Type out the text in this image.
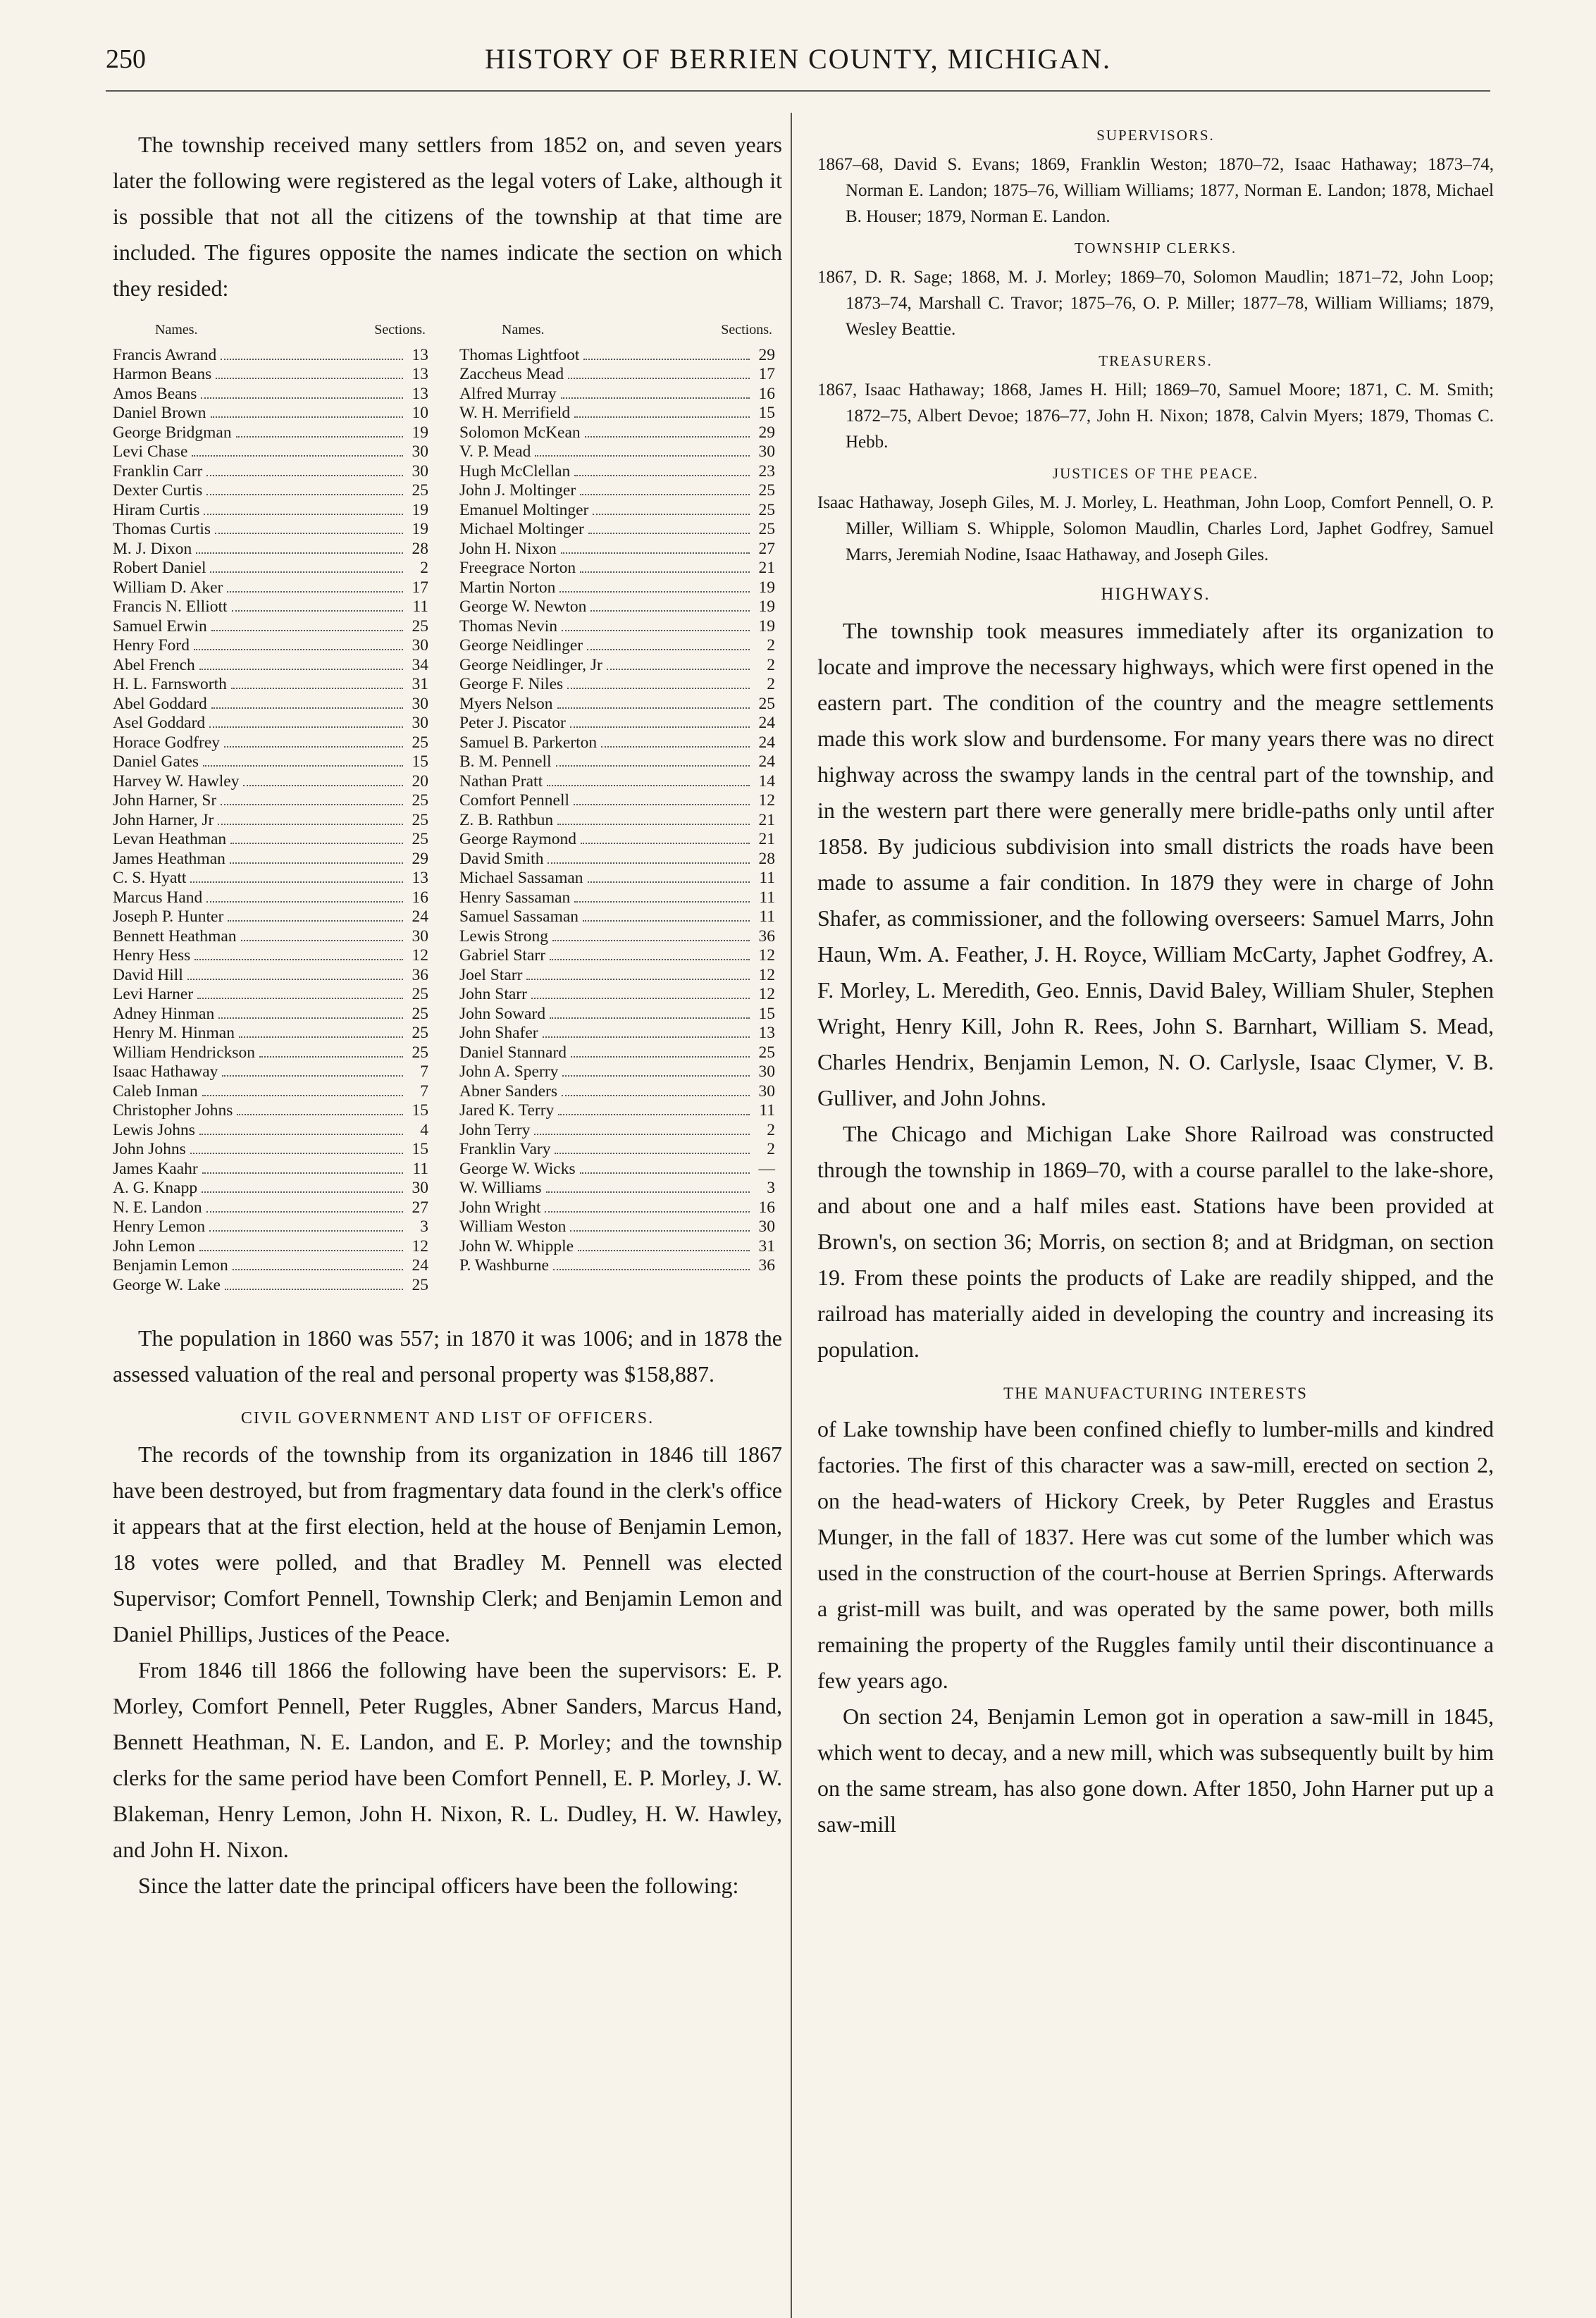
250	HISTORY OF BERRIEN COUNTY, MICHIGAN.

The township received many settlers from 1852 on, and seven years later the following were registered as the legal voters of Lake, although it is possible that not all the citizens of the township at that time are included. The figures opposite the names indicate the section on which they resided:

Names.	Sections.
Francis Awrand	13
Harmon Beans	13
Amos Beans	13
Daniel Brown	10
George Bridgman	19
Levi Chase	30
Franklin Carr	30
Dexter Curtis	25
Hiram Curtis	19
Thomas Curtis	19
M. J. Dixon	28
Robert Daniel	2
William D. Aker	17
Francis N. Elliott	11
Samuel Erwin	25
Henry Ford	30
Abel French	34
H. L. Farnsworth	31
Abel Goddard	30
Asel Goddard	30
Horace Godfrey	25
Daniel Gates	15
Harvey W. Hawley	20
John Harner, Sr	25
John Harner, Jr	25
Levan Heathman	25
James Heathman	29
C. S. Hyatt	13
Marcus Hand	16
Joseph P. Hunter	24
Bennett Heathman	30
Henry Hess	12
David Hill	36
Levi Harner	25
Adney Hinman	25
Henry M. Hinman	25
William Hendrickson	25
Isaac Hathaway	7
Caleb Inman	7
Christopher Johns	15
Lewis Johns	4
John Johns	15
James Kaahr	11
A. G. Knapp	30
N. E. Landon	27
Henry Lemon	3
John Lemon	12
Benjamin Lemon	24
George W. Lake	25
Names.	Sections.
Thomas Lightfoot	29
Zaccheus Mead	17
Alfred Murray	16
W. H. Merrifield	15
Solomon McKean	29
V. P. Mead	30
Hugh McClellan	23
John J. Moltinger	25
Emanuel Moltinger	25
Michael Moltinger	25
John H. Nixon	27
Freegrace Norton	21
Martin Norton	19
George W. Newton	19
Thomas Nevin	19
George Neidlinger	2
George Neidlinger, Jr	2
George F. Niles	2
Myers Nelson	25
Peter J. Piscator	24
Samuel B. Parkerton	24
B. M. Pennell	24
Nathan Pratt	14
Comfort Pennell	12
Z. B. Rathbun	21
George Raymond	21
David Smith	28
Michael Sassaman	11
Henry Sassaman	11
Samuel Sassaman	11
Lewis Strong	36
Gabriel Starr	12
Joel Starr	12
John Starr	12
John Soward	15
John Shafer	13
Daniel Stannard	25
John A. Sperry	30
Abner Sanders	30
Jared K. Terry	11
John Terry	2
Franklin Vary	2
George W. Wicks	—
W. Williams	3
John Wright	16
William Weston	30
John W. Whipple	31
P. Washburne	36

The population in 1860 was 557; in 1870 it was 1006; and in 1878 the assessed valuation of the real and personal property was $158,887.

CIVIL GOVERNMENT AND LIST OF OFFICERS.

The records of the township from its organization in 1846 till 1867 have been destroyed, but from fragmentary data found in the clerk's office it appears that at the first election, held at the house of Benjamin Lemon, 18 votes were polled, and that Bradley M. Pennell was elected Supervisor; Comfort Pennell, Township Clerk; and Benjamin Lemon and Daniel Phillips, Justices of the Peace.

From 1846 till 1866 the following have been the supervisors: E. P. Morley, Comfort Pennell, Peter Ruggles, Abner Sanders, Marcus Hand, Bennett Heathman, N. E. Landon, and E. P. Morley; and the township clerks for the same period have been Comfort Pennell, E. P. Morley, J. W. Blakeman, Henry Lemon, John H. Nixon, R. L. Dudley, H. W. Hawley, and John H. Nixon.

Since the latter date the principal officers have been the following:

SUPERVISORS.

1867–68, David S. Evans; 1869, Franklin Weston; 1870–72, Isaac Hathaway; 1873–74, Norman E. Landon; 1875–76, William Williams; 1877, Norman E. Landon; 1878, Michael B. Houser; 1879, Norman E. Landon.

TOWNSHIP CLERKS.

1867, D. R. Sage; 1868, M. J. Morley; 1869–70, Solomon Maudlin; 1871–72, John Loop; 1873–74, Marshall C. Travor; 1875–76, O. P. Miller; 1877–78, William Williams; 1879, Wesley Beattie.

TREASURERS.

1867, Isaac Hathaway; 1868, James H. Hill; 1869–70, Samuel Moore; 1871, C. M. Smith; 1872–75, Albert Devoe; 1876–77, John H. Nixon; 1878, Calvin Myers; 1879, Thomas C. Hebb.

JUSTICES OF THE PEACE.

Isaac Hathaway, Joseph Giles, M. J. Morley, L. Heathman, John Loop, Comfort Pennell, O. P. Miller, William S. Whipple, Solomon Maudlin, Charles Lord, Japhet Godfrey, Samuel Marrs, Jeremiah Nodine, Isaac Hathaway, and Joseph Giles.

HIGHWAYS.

The township took measures immediately after its organization to locate and improve the necessary highways, which were first opened in the eastern part. The condition of the country and the meagre settlements made this work slow and burdensome. For many years there was no direct highway across the swampy lands in the central part of the township, and in the western part there were generally mere bridle-paths only until after 1858. By judicious subdivision into small districts the roads have been made to assume a fair condition. In 1879 they were in charge of John Shafer, as commissioner, and the following overseers: Samuel Marrs, John Haun, Wm. A. Feather, J. H. Royce, William McCarty, Japhet Godfrey, A. F. Morley, L. Meredith, Geo. Ennis, David Baley, William Shuler, Stephen Wright, Henry Kill, John R. Rees, John S. Barnhart, William S. Mead, Charles Hendrix, Benjamin Lemon, N. O. Carlysle, Isaac Clymer, V. B. Gulliver, and John Johns.

The Chicago and Michigan Lake Shore Railroad was constructed through the township in 1869–70, with a course parallel to the lake-shore, and about one and a half miles east. Stations have been provided at Brown's, on section 36; Morris, on section 8; and at Bridgman, on section 19. From these points the products of Lake are readily shipped, and the railroad has materially aided in developing the country and increasing its population.

THE MANUFACTURING INTERESTS

of Lake township have been confined chiefly to lumber-mills and kindred factories. The first of this character was a saw-mill, erected on section 2, on the head-waters of Hickory Creek, by Peter Ruggles and Erastus Munger, in the fall of 1837. Here was cut some of the lumber which was used in the construction of the court-house at Berrien Springs. Afterwards a grist-mill was built, and was operated by the same power, both mills remaining the property of the Ruggles family until their discontinuance a few years ago.

On section 24, Benjamin Lemon got in operation a saw-mill in 1845, which went to decay, and a new mill, which was subsequently built by him on the same stream, has also gone down. After 1850, John Harner put up a saw-mill
